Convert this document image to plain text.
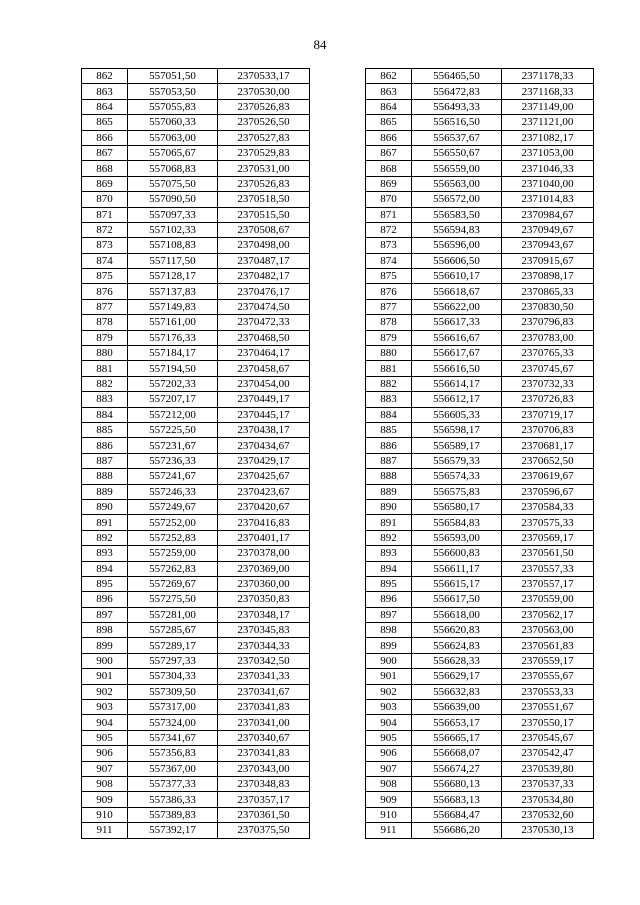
84
862	557051,50	2370533,17		862	556465,50	2371178,33
863	557053,50	2370530,00		863	556472,83	2371168,33
864	557055,83	2370526,83		864	556493,33	2371149,00
865	557060,33	2370526,50		865	556516,50	2371121,00
866	557063,00	2370527,83		866	556537,67	2371082,17
867	557065,67	2370529,83		867	556550,67	2371053,00
868	557068,83	2370531,00		868	556559,00	2371046,33
869	557075,50	2370526,83		869	556563,00	2371040,00
870	557090,50	2370518,50		870	556572,00	2371014,83
871	557097,33	2370515,50		871	556583,50	2370984,67
872	557102,33	2370508,67		872	556594,83	2370949,67
873	557108,83	2370498,00		873	556596,00	2370943,67
874	557117,50	2370487,17		874	556606,50	2370915,67
875	557128,17	2370482,17		875	556610,17	2370898,17
876	557137,83	2370476,17		876	556618,67	2370865,33
877	557149,83	2370474,50		877	556622,00	2370830,50
878	557161,00	2370472,33		878	556617,33	2370796,83
879	557176,33	2370468,50		879	556616,67	2370783,00
880	557184,17	2370464,17		880	556617,67	2370765,33
881	557194,50	2370458,67		881	556616,50	2370745,67
882	557202,33	2370454,00		882	556614,17	2370732,33
883	557207,17	2370449,17		883	556612,17	2370726,83
884	557212,00	2370445,17		884	556605,33	2370719,17
885	557225,50	2370438,17		885	556598,17	2370706,83
886	557231,67	2370434,67		886	556589,17	2370681,17
887	557236,33	2370429,17		887	556579,33	2370652,50
888	557241,67	2370425,67		888	556574,33	2370619,67
889	557246,33	2370423,67		889	556575,83	2370596,67
890	557249,67	2370420,67		890	556580,17	2370584,33
891	557252,00	2370416,83		891	556584,83	2370575,33
892	557252,83	2370401,17		892	556593,00	2370569,17
893	557259,00	2370378,00		893	556600,83	2370561,50
894	557262,83	2370369,00		894	556611,17	2370557,33
895	557269,67	2370360,00		895	556615,17	2370557,17
896	557275,50	2370350,83		896	556617,50	2370559,00
897	557281,00	2370348,17		897	556618,00	2370562,17
898	557285,67	2370345,83		898	556620,83	2370563,00
899	557289,17	2370344,33		899	556624,83	2370561,83
900	557297,33	2370342,50		900	556628,33	2370559,17
901	557304,33	2370341,33		901	556629,17	2370555,67
902	557309,50	2370341,67		902	556632,83	2370553,33
903	557317,00	2370341,83		903	556639,00	2370551,67
904	557324,00	2370341,00		904	556653,17	2370550,17
905	557341,67	2370340,67		905	556665,17	2370545,67
906	557356,83	2370341,83		906	556668,07	2370542,47
907	557367,00	2370343,00		907	556674,27	2370539,80
908	557377,33	2370348,83		908	556680,13	2370537,33
909	557386,33	2370357,17		909	556683,13	2370534,80
910	557389,83	2370361,50		910	556684,47	2370532,60
911	557392,17	2370375,50		911	556686,20	2370530,13
